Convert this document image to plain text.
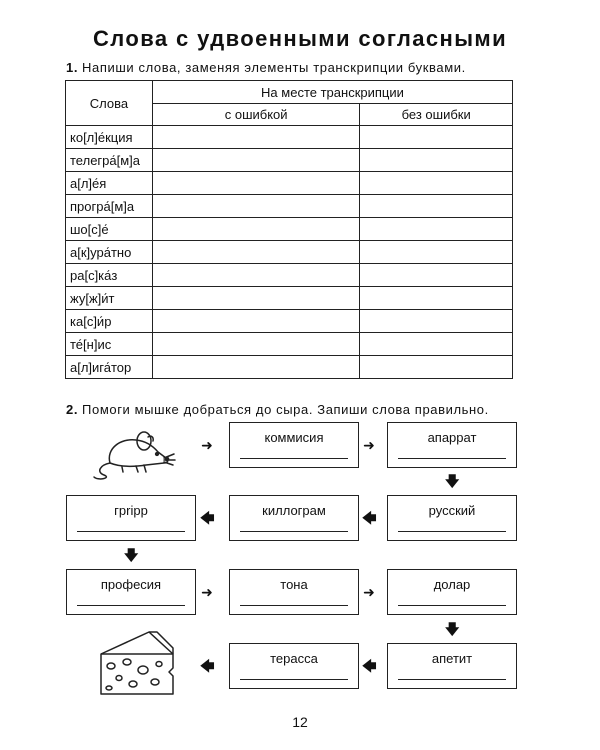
Слова с удвоенными согласными

1. Напиши слова, заменяя элементы транскрипции буквами.

Слова	На месте транскрипции	
	с ошибкой	без ошибки
ко[л]е́кция		
телегра́[м]а		
а[л]е́я		
програ́[м]а		
шо[с]е́		
а[к]ура́тно		
ра[с]ка́з		
жу[ж]и́т		
ка[с]и́р		
те́[н]ис		
а[л]ига́тор		

2. Помоги мышке добраться до сыра. Запиши слова правильно.

коммисия	апаррат
русский
киллограм
грripp
професия	тона	долар
апетит
терасса
➜	➜
🡇
🡄
🡄
🡇
➜	➜
🡇
🡄
🡄
12
